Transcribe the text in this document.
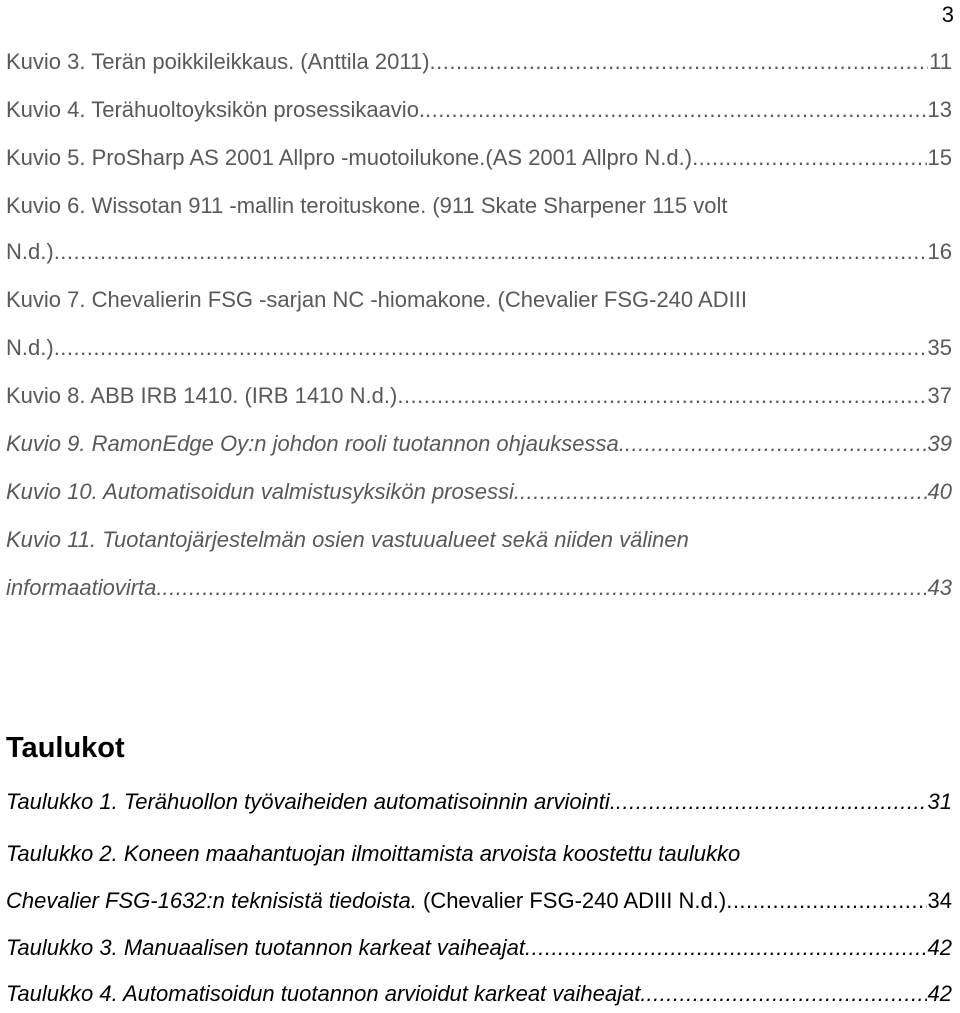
3
Kuvio 3. Terän poikkileikkaus. (Anttila 2011) .....	11
Kuvio 4. Terähuoltoyksikön prosessikaavio. .....	13
Kuvio 5. ProSharp AS 2001 Allpro -muotoilukone.(AS 2001 Allpro N.d.) .....	15
Kuvio 6. Wissotan 911 -mallin teroituskone. (911 Skate Sharpener 115 volt
N.d.) .....	16
Kuvio 7. Chevalierin FSG -sarjan NC -hiomakone. (Chevalier FSG-240 ADIII
N.d.) .....	35
Kuvio 8. ABB IRB 1410. (IRB 1410 N.d.) .....	37
Kuvio 9. RamonEdge Oy:n johdon rooli tuotannon ohjauksessa. .....	39
Kuvio 10. Automatisoidun valmistusyksikön prosessi. .....	40
Kuvio 11. Tuotantojärjestelmän osien vastuualueet sekä niiden välinen
informaatiovirta. .....	43
Taulukot
Taulukko 1. Terähuollon työvaiheiden automatisoinnin arviointi. .....	31
Taulukko 2. Koneen maahantuojan ilmoittamista arvoista koostettu taulukko
Chevalier FSG-1632:n teknisistä tiedoista. (Chevalier FSG-240 ADIII N.d.) .....	34
Taulukko 3. Manuaalisen tuotannon karkeat vaiheajat .....	42
Taulukko 4. Automatisoidun tuotannon arvioidut karkeat vaiheajat. .....	42
